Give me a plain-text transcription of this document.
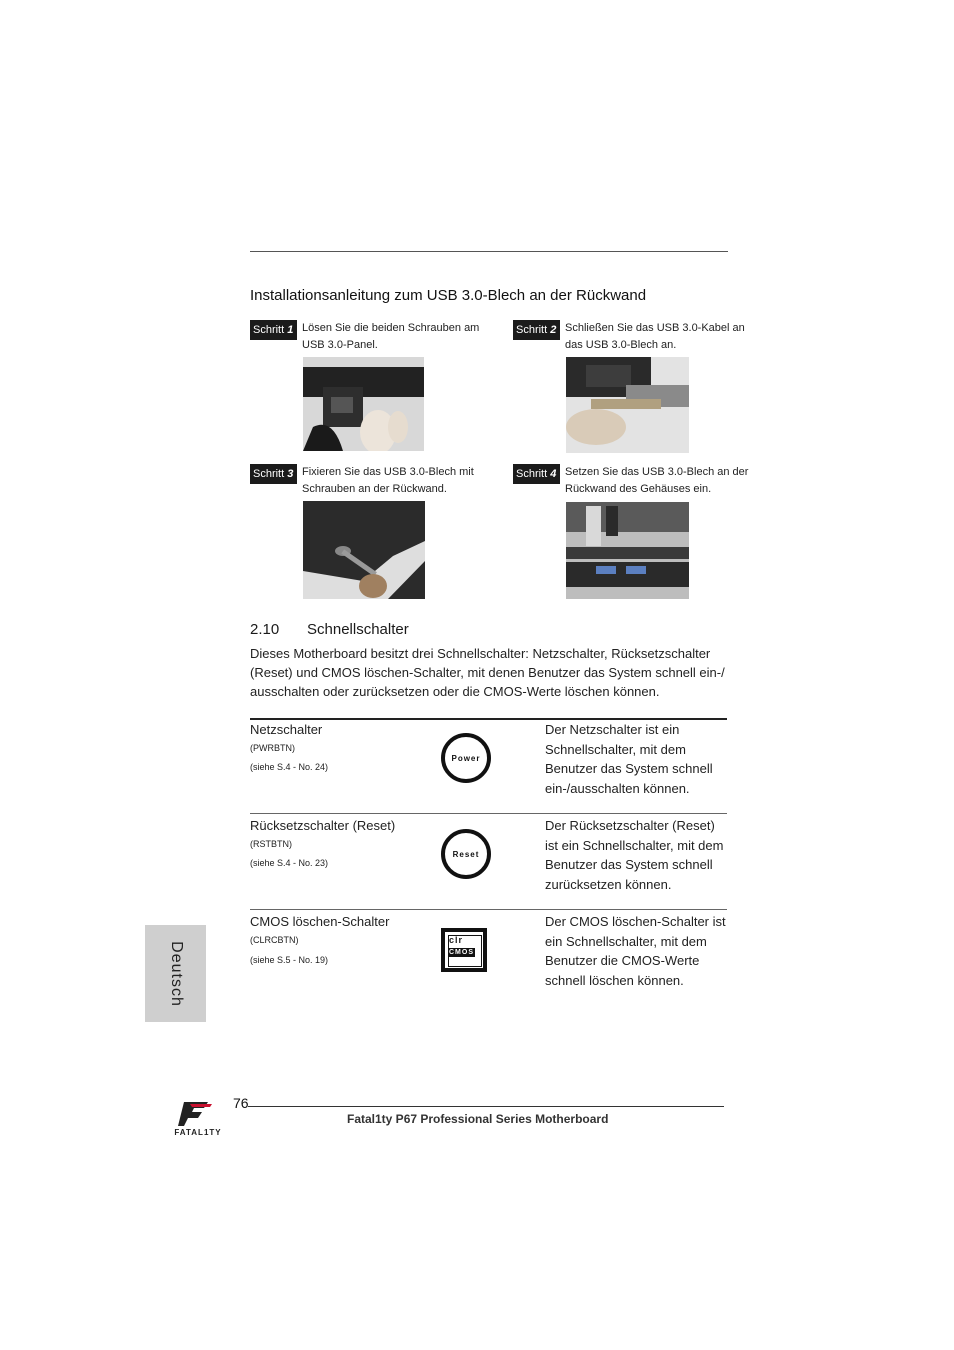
Installationsanleitung zum USB 3.0-Blech an der Rückwand
Schritt 1 Lösen Sie die beiden Schrauben am USB 3.0-Panel.
Schritt 2 Schließen Sie das USB 3.0-Kabel an das USB 3.0-Blech an.
Schritt 3 Fixieren Sie das USB 3.0-Blech mit Schrauben an der Rückwand.
Schritt 4 Setzen Sie das USB 3.0-Blech an der Rückwand des Gehäuses ein.
2.10 Schnellschalter
Dieses Motherboard besitzt drei Schnellschalter: Netzschalter, Rücksetzschalter (Reset) und CMOS löschen-Schalter, mit denen Benutzer das System schnell ein-/ ausschalten oder zurücksetzen oder die CMOS-Werte löschen können.
Netzschalter
(PWRBTN)
(siehe S.4 - No. 24)
Power
Der Netzschalter ist ein Schnellschalter, mit dem Benutzer das System schnell ein-/ausschalten können.
Rücksetzschalter (Reset)
(RSTBTN)
(siehe S.4 - No. 23)
Reset
Der Rücksetzschalter (Reset) ist ein Schnellschalter, mit dem Benutzer das System schnell zurücksetzen können.
CMOS löschen-Schalter
(CLRCBTN)
(siehe S.5 - No. 19)
clr
CMOS
Der CMOS löschen-Schalter ist ein Schnellschalter, mit dem Benutzer die CMOS-Werte schnell löschen können.
Deutsch
FATAL1TY
76
Fatal1ty P67 Professional Series Motherboard
